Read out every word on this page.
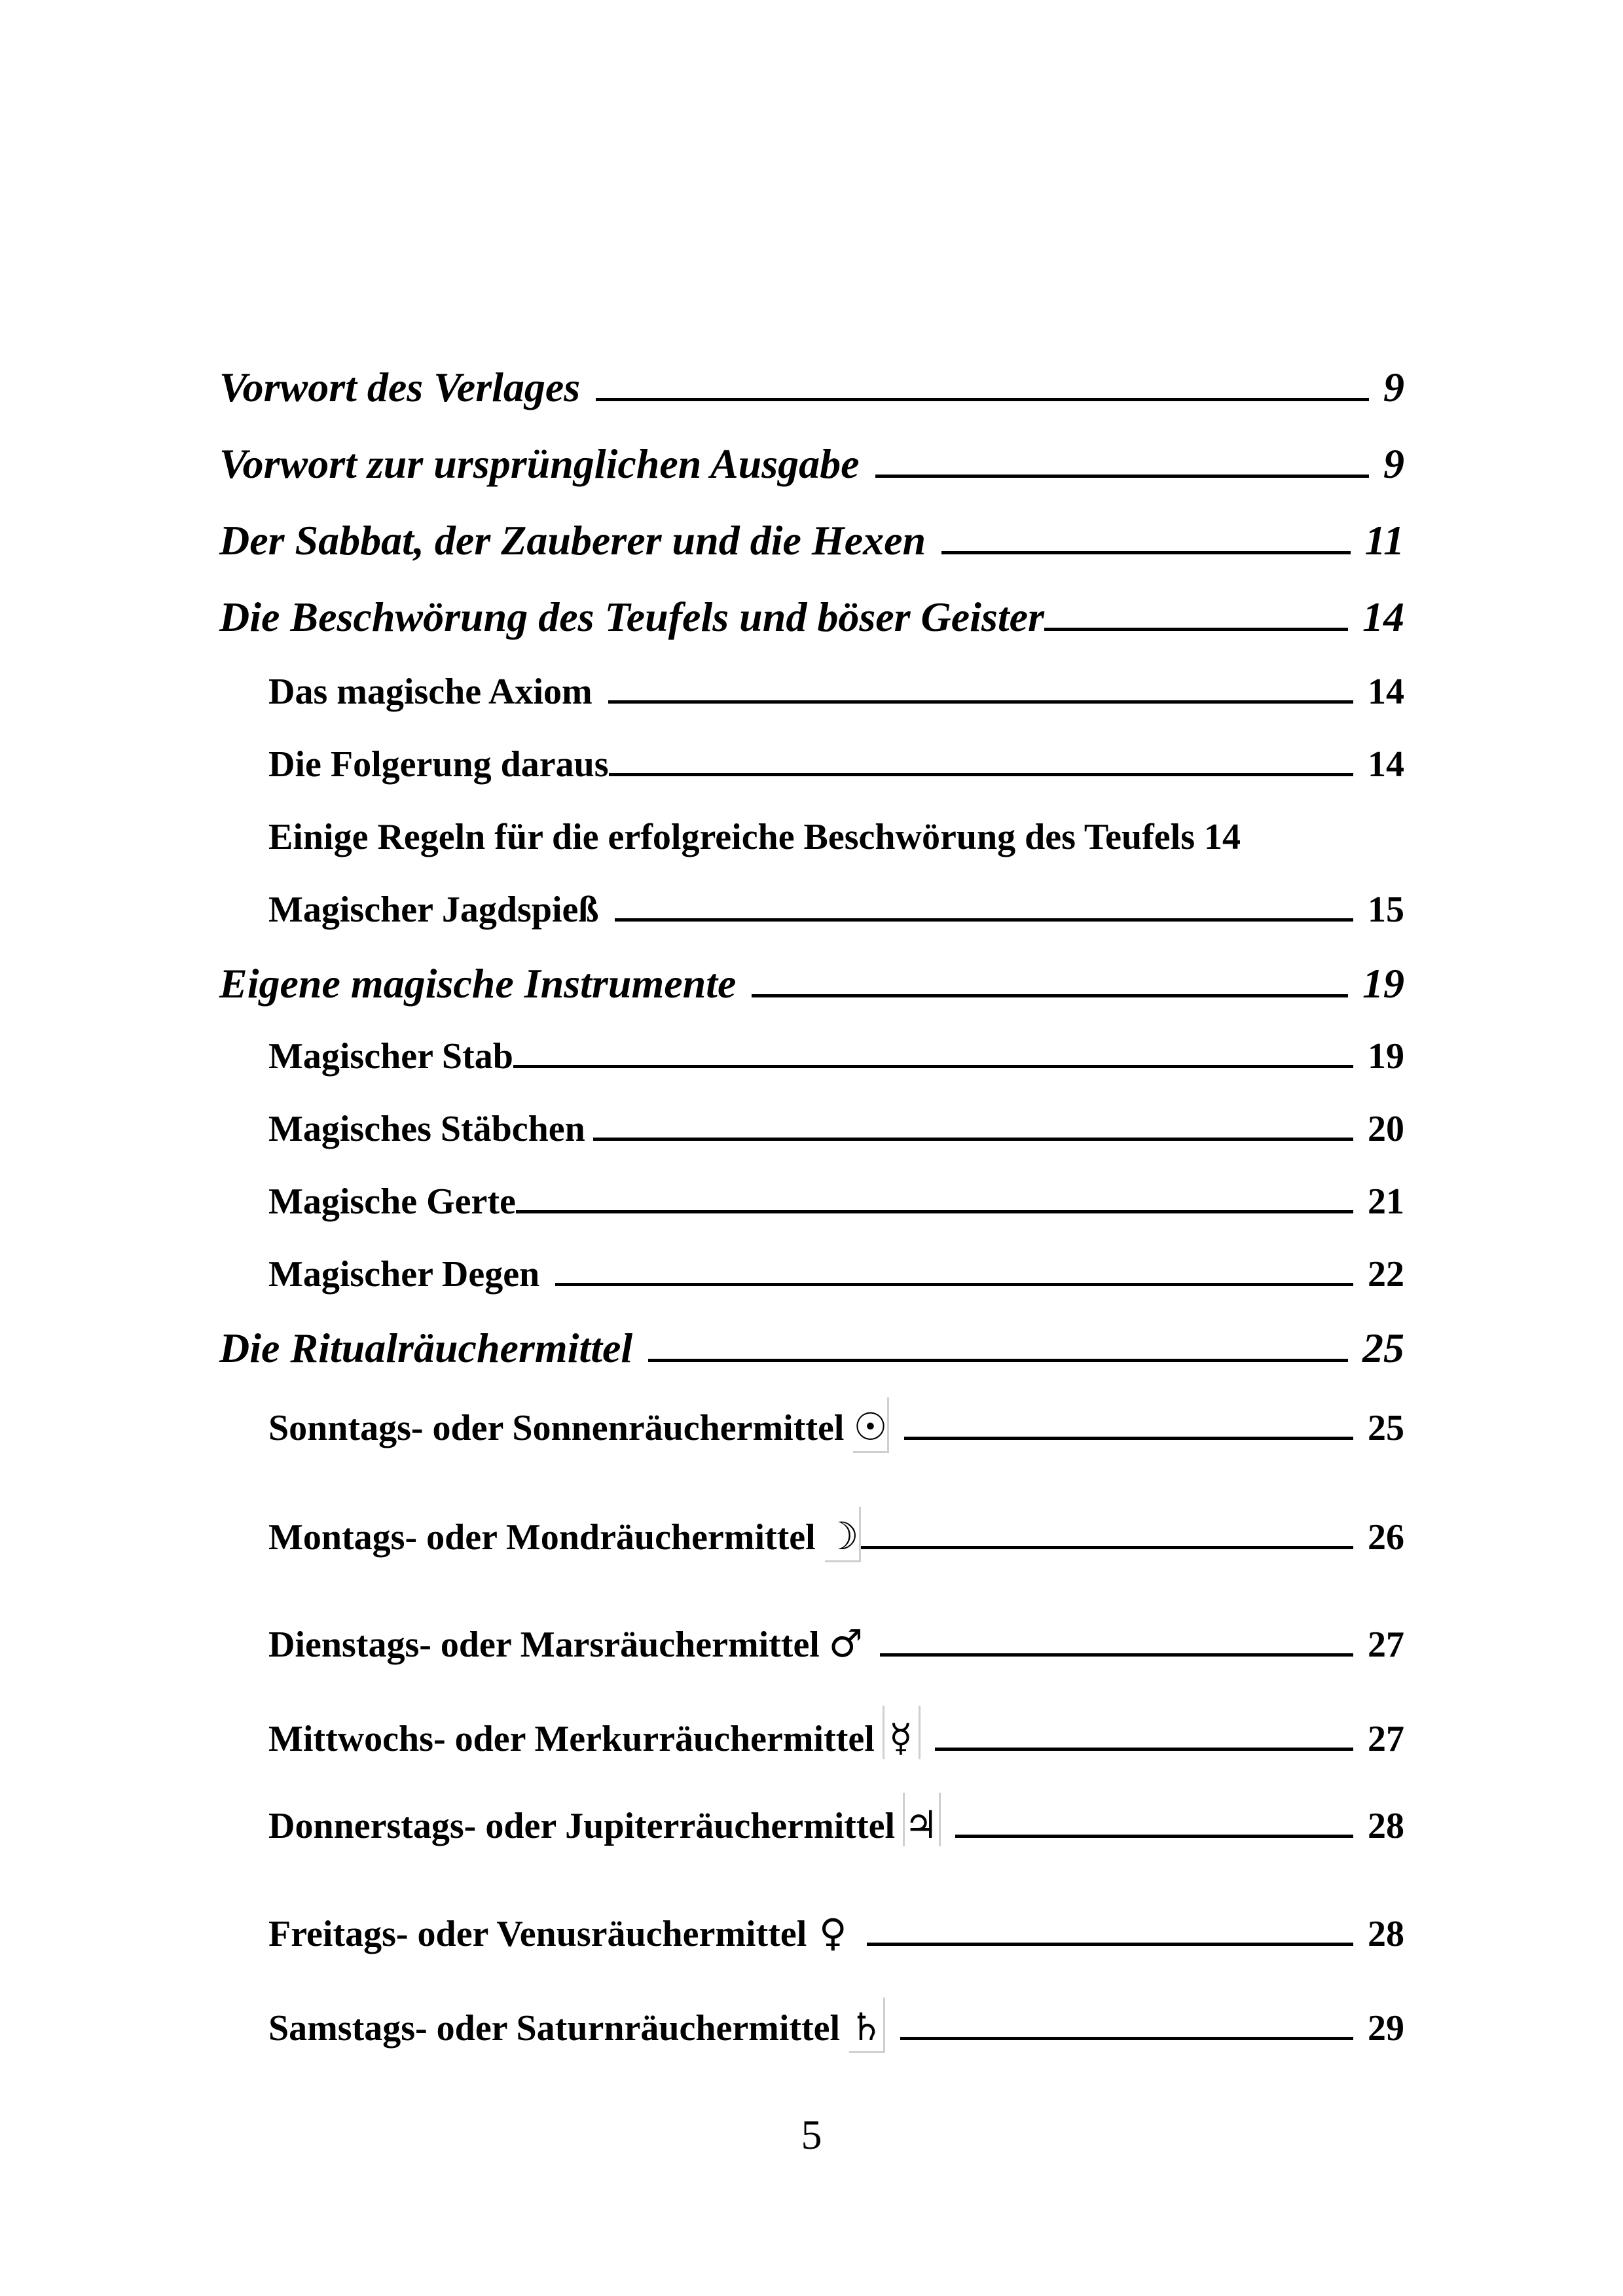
Vorwort des Verlages	9
Vorwort zur ursprünglichen Ausgabe	9
Der Sabbat, der Zauberer und die Hexen	11
Die Beschwörung des Teufels und böser Geister	14
Das magische Axiom	14
Die Folgerung daraus	14
Einige Regeln für die erfolgreiche Beschwörung des Teufels 14
Magischer Jagdspieß	15
Eigene magische Instrumente	19
Magischer Stab	19
Magisches Stäbchen	20
Magische Gerte	21
Magischer Degen	22
Die Ritualräuchermittel	25
Sonntags- oder Sonnenräuchermittel ☉	25
Montags- oder Mondräuchermittel ☽	26
Dienstags- oder Marsräuchermittel ♂	27
Mittwochs- oder Merkurräuchermittel ☿	27
Donnerstags- oder Jupiterräuchermittel ♃	28
Freitags- oder Venusräuchermittel ♀	28
Samstags- oder Saturnräuchermittel ♄	29
5
